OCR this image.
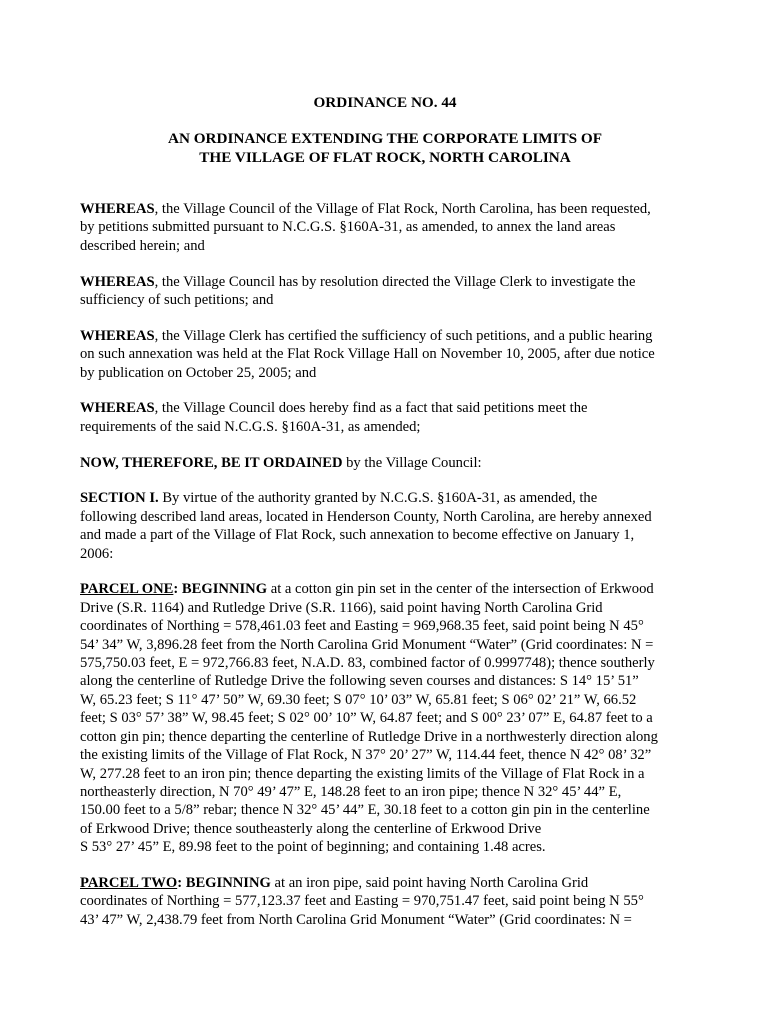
ORDINANCE NO. 44
AN ORDINANCE EXTENDING THE CORPORATE LIMITS OF
THE VILLAGE OF FLAT ROCK, NORTH CAROLINA

WHEREAS, the Village Council of the Village of Flat Rock, North Carolina, has been requested,
by petitions submitted pursuant to N.C.G.S. §160A-31, as amended, to annex the land areas
described herein; and

WHEREAS, the Village Council has by resolution directed the Village Clerk to investigate the
sufficiency of such petitions; and

WHEREAS, the Village Clerk has certified the sufficiency of such petitions, and a public hearing
on such annexation was held at the Flat Rock Village Hall on November 10, 2005, after due notice
by publication on October 25, 2005; and

WHEREAS, the Village Council does hereby find as a fact that said petitions meet the
requirements of the said N.C.G.S. §160A-31, as amended;

NOW, THEREFORE, BE IT ORDAINED by the Village Council:

SECTION I. By virtue of the authority granted by N.C.G.S. §160A-31, as amended, the
following described land areas, located in Henderson County, North Carolina, are hereby annexed
and made a part of the Village of Flat Rock, such annexation to become effective on January 1,
2006:

PARCEL ONE: BEGINNING at a cotton gin pin set in the center of the intersection of Erkwood
Drive (S.R. 1164) and Rutledge Drive (S.R. 1166), said point having North Carolina Grid
coordinates of Northing = 578,461.03 feet and Easting = 969,968.35 feet, said point being N 45°
54’ 34” W, 3,896.28 feet from the North Carolina Grid Monument “Water” (Grid coordinates: N =
575,750.03 feet, E = 972,766.83 feet, N.A.D. 83, combined factor of 0.9997748); thence southerly
along the centerline of Rutledge Drive the following seven courses and distances: S 14° 15’ 51”
W, 65.23 feet; S 11° 47’ 50” W, 69.30 feet; S 07° 10’ 03” W, 65.81 feet; S 06° 02’ 21” W, 66.52
feet; S 03° 57’ 38” W, 98.45 feet; S 02° 00’ 10” W, 64.87 feet; and S 00° 23’ 07” E, 64.87 feet to a
cotton gin pin; thence departing the centerline of Rutledge Drive in a northwesterly direction along
the existing limits of the Village of Flat Rock, N 37° 20’ 27” W, 114.44 feet, thence N 42° 08’ 32”
W, 277.28 feet to an iron pin; thence departing the existing limits of the Village of Flat Rock in a
northeasterly direction, N 70° 49’ 47” E, 148.28 feet to an iron pipe; thence N 32° 45’ 44” E,
150.00 feet to a 5/8” rebar; thence N 32° 45’ 44” E, 30.18 feet to a cotton gin pin in the centerline
of Erkwood Drive; thence southeasterly along the centerline of Erkwood Drive
S 53° 27’ 45” E, 89.98 feet to the point of beginning; and containing 1.48 acres.

PARCEL TWO: BEGINNING at an iron pipe, said point having North Carolina Grid
coordinates of Northing = 577,123.37 feet and Easting = 970,751.47 feet, said point being N 55°
43’ 47” W, 2,438.79 feet from North Carolina Grid Monument “Water” (Grid coordinates: N =
